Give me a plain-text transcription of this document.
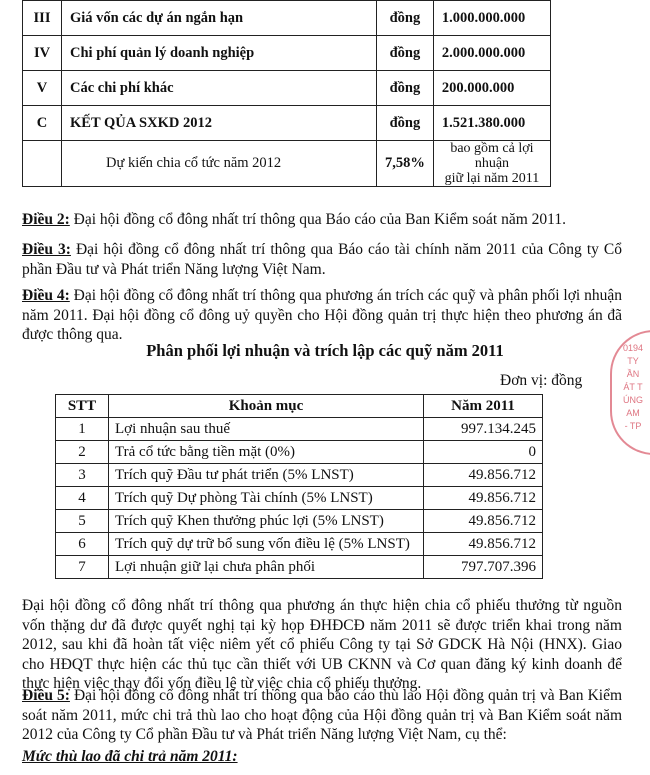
III	Giá vốn các dự án ngắn hạn	đồng	1.000.000.000
IV	Chi phí quản lý doanh nghiệp	đồng	2.000.000.000
V	Các chi phí khác	đồng	200.000.000
C	KẾT QỦA SXKD 2012	đồng	1.521.380.000
	Dự kiến chia cổ tức năm 2012	7,58%	bao gồm cả lợi nhuận
giữ lại năm 2011

Điều 2: Đại hội đồng cổ đông nhất trí thông qua Báo cáo của Ban Kiểm soát năm 2011.

Điều 3: Đại hội đồng cổ đông nhất trí thông qua Báo cáo tài chính năm 2011 của Công ty Cổ phần Đầu tư và Phát triển Năng lượng Việt Nam.

Điều 4: Đại hội đồng cổ đông nhất trí thông qua phương án trích các quỹ và phân phối lợi nhuận năm 2011. Đại hội đồng cổ đông uỷ quyền cho Hội đồng quản trị thực hiện theo phương án đã được thông qua.

Phân phối lợi nhuận và trích lập các quỹ năm 2011
Đơn vị: đồng
STT	Khoản mục	Năm 2011
1	Lợi nhuận sau thuế	997.134.245
2	Trả cổ tức bằng tiền mặt (0%)	0
3	Trích quỹ Đầu tư phát triển (5% LNST)	49.856.712
4	Trích quỹ Dự phòng Tài chính (5% LNST)	49.856.712
5	Trích quỹ Khen thưởng phúc lợi (5% LNST)	49.856.712
6	Trích quỹ dự trữ bổ sung vốn điều lệ (5% LNST)	49.856.712
7	Lợi nhuận giữ lại chưa phân phối	797.707.396

Đại hội đồng cổ đông nhất trí thông qua phương án thực hiện chia cổ phiếu thưởng từ nguồn vốn thặng dư đã được quyết nghị tại kỳ họp ĐHĐCĐ năm 2011 sẽ được triển khai trong năm 2012, sau khi đã hoàn tất việc niêm yết cổ phiếu Công ty tại Sở GDCK Hà Nội (HNX). Giao cho HĐQT thực hiện các thủ tục cần thiết với UB CKNN và Cơ quan đăng ký kinh doanh để thực hiện việc thay đổi vốn điều lệ từ việc chia cổ phiếu thưởng.

Điều 5: Đại hội đồng cổ đông nhất trí thông qua báo cáo thù lao Hội đồng quản trị và Ban Kiểm soát năm 2011, mức chi trả thù lao cho hoạt động của Hội đồng quản trị và Ban Kiểm soát năm 2012 của Công ty Cổ phần Đầu tư và Phát triển Năng lượng Việt Nam, cụ thể:

Mức thù lao đã chi trả năm 2011:

0194
TY
ẦN
ÁT T
ÚNG
AM
- TP
